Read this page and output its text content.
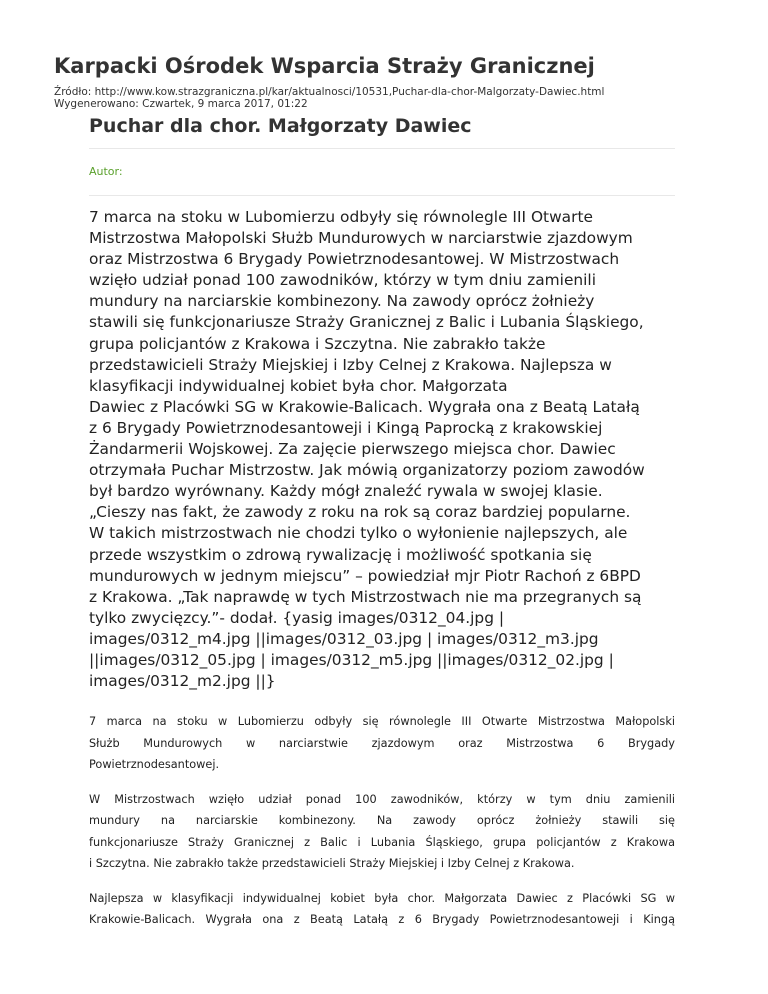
Karpacki Ośrodek Wsparcia Straży Granicznej
Źródło: http://www.kow.strazgraniczna.pl/kar/aktualnosci/10531,Puchar-dla-chor-Malgorzaty-Dawiec.html
Wygenerowano: Czwartek, 9 marca 2017, 01:22
Puchar dla chor. Małgorzaty Dawiec
Autor:
7 marca na stoku w Lubomierzu odbyły się równolegle III Otwarte
Mistrzostwa Małopolski Służb Mundurowych w narciarstwie zjazdowym
oraz Mistrzostwa 6 Brygady Powietrznodesantowej. W Mistrzostwach
wzięło udział ponad 100 zawodników, którzy w tym dniu zamienili
mundury na narciarskie kombinezony. Na zawody oprócz żołnieży
stawili się funkcjonariusze Straży Granicznej z Balic i Lubania Śląskiego,
grupa policjantów z Krakowa i Szczytna. Nie zabrakło także
przedstawicieli Straży Miejskiej i Izby Celnej z Krakowa. Najlepsza w
klasyfikacji indywidualnej kobiet była chor. Małgorzata
Dawiec z Placówki SG w Krakowie-Balicach. Wygrała ona z Beatą Latałą
z 6 Brygady Powietrznodesantoweji i Kingą Paprocką z krakowskiej
Żandarmerii Wojskowej. Za zajęcie pierwszego miejsca chor. Dawiec
otrzymała Puchar Mistrzostw. Jak mówią organizatorzy poziom zawodów
był bardzo wyrównany. Każdy mógł znaleźć rywala w swojej klasie.
„Cieszy nas fakt, że zawody z roku na rok są coraz bardziej popularne.
W takich mistrzostwach nie chodzi tylko o wyłonienie najlepszych, ale
przede wszystkim o zdrową rywalizację i możliwość spotkania się
mundurowych w jednym miejscu” – powiedział mjr Piotr Rachoń z 6BPD
z Krakowa. „Tak naprawdę w tych Mistrzostwach nie ma przegranych są
tylko zwycięzcy.”- dodał. {yasig images/0312_04.jpg |
images/0312_m4.jpg ||images/0312_03.jpg | images/0312_m3.jpg
||images/0312_05.jpg | images/0312_m5.jpg ||images/0312_02.jpg |
images/0312_m2.jpg ||}
7 marca na stoku w Lubomierzu odbyły się równolegle III Otwarte Mistrzostwa Małopolski
Służb Mundurowych w narciarstwie zjazdowym oraz Mistrzostwa 6 Brygady
Powietrznodesantowej.
W Mistrzostwach wzięło udział ponad 100 zawodników, którzy w tym dniu zamienili
mundury na narciarskie kombinezony. Na zawody oprócz żołnieży stawili się
funkcjonariusze Straży Granicznej z Balic i Lubania Śląskiego, grupa policjantów z Krakowa
i Szczytna. Nie zabrakło także przedstawicieli Straży Miejskiej i Izby Celnej z Krakowa.
Najlepsza w klasyfikacji indywidualnej kobiet była chor. Małgorzata Dawiec z Placówki SG w
Krakowie-Balicach. Wygrała ona z Beatą Latałą z 6 Brygady Powietrznodesantoweji i Kingą
